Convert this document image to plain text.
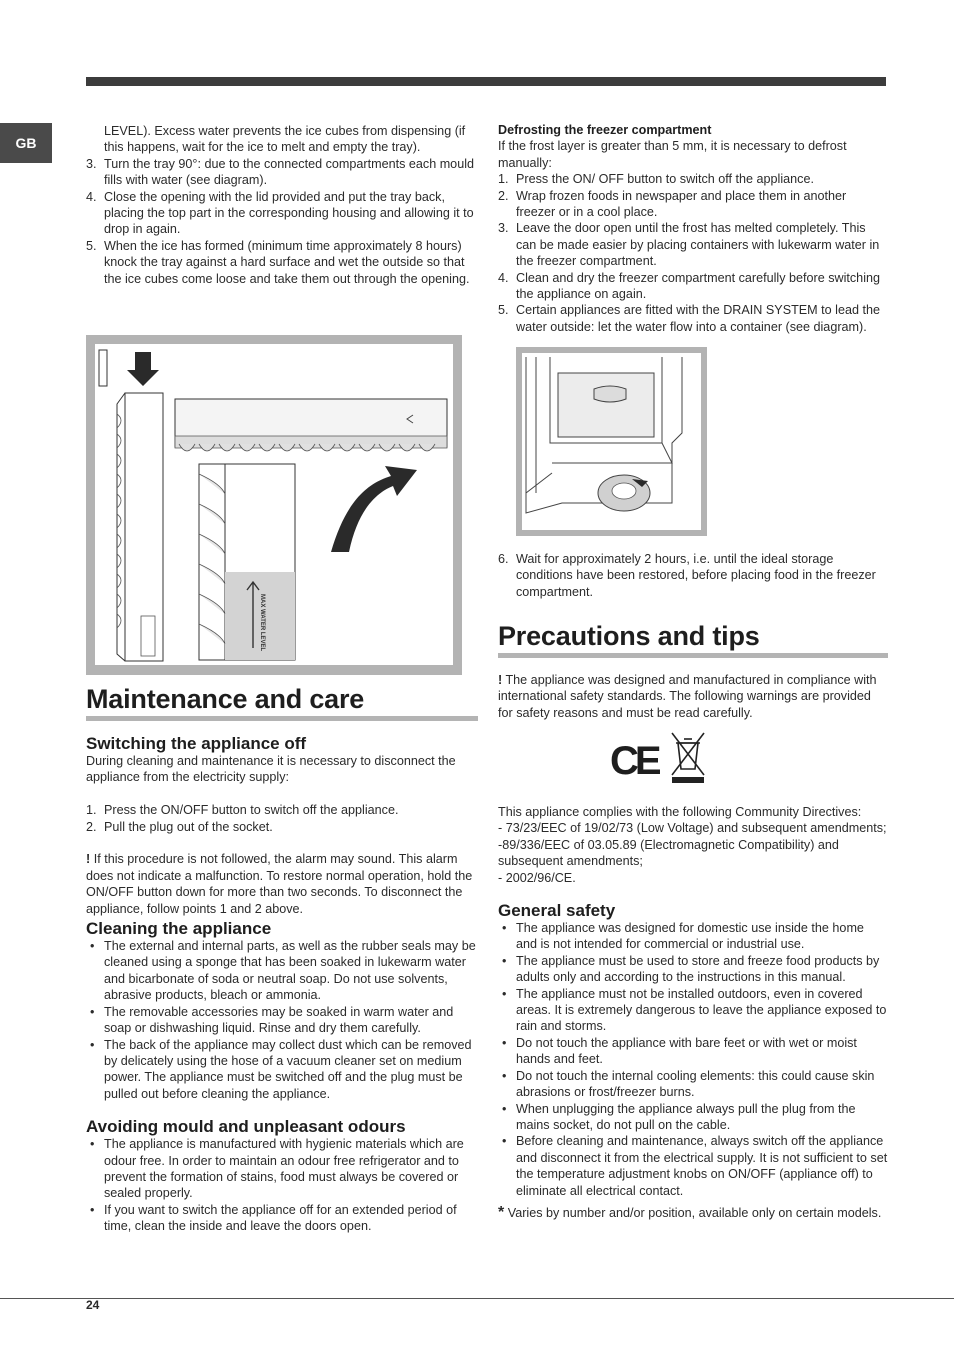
GB

LEVEL). Excess water prevents the ice cubes from dispensing (if this happens, wait for the ice to melt and empty the tray).

3. Turn the tray 90°: due to the connected compartments each mould fills with water (see diagram).
4. Close the opening with the lid provided and put the tray back, placing the top part in the corresponding housing and allowing it to drop in again.
5. When the ice has formed (minimum time approximately 8 hours) knock the tray against a hard surface and wet the outside so that the ice cubes come loose and take them out through the opening.
MAX WATER LEVEL
Maintenance and care
Switching the appliance off

During cleaning and maintenance it is necessary to disconnect the appliance from the electricity supply:

1. Press the ON/OFF button to switch off the appliance.
2. Pull the plug out of the socket.

! If this procedure is not followed, the alarm may sound. This alarm does not indicate a malfunction. To restore normal operation, hold the ON/OFF button down for more than two seconds. To disconnect the appliance, follow points 1 and 2 above.

Cleaning the appliance
• The external and internal parts, as well as the rubber seals may be cleaned using a sponge that has been soaked in lukewarm water and bicarbonate of soda or neutral soap. Do not use solvents, abrasive products, bleach or ammonia.
• The removable accessories may be soaked in warm water and soap or dishwashing liquid. Rinse and dry them carefully.
• The back of the appliance may collect dust which can be removed by delicately using the hose of a vacuum cleaner set on medium power. The appliance must be switched off and the plug must be pulled out before cleaning the appliance.
Avoiding mould and unpleasant odours
• The appliance is manufactured with hygienic materials which are odour free. In order to maintain an odour free refrigerator and to prevent the formation of stains, food must always be covered or sealed properly.
• If you want to switch the appliance off for an extended period of time, clean the inside and leave the doors open.
Defrosting the freezer compartment

If the frost layer is greater than 5 mm, it is necessary to defrost manually:

1. Press the ON/ OFF button to switch off the appliance.
2. Wrap frozen foods in newspaper and place them in another freezer or in a cool place.
3. Leave the door open until the frost has melted completely. This can be made easier by placing containers with lukewarm water in the freezer compartment.
4. Clean and dry the freezer compartment carefully before switching the appliance on again.
5. Certain appliances are fitted with the DRAIN SYSTEM to lead the water outside: let the water flow into a container (see diagram).
6. Wait for approximately 2 hours, i.e. until the ideal storage conditions have been restored, before placing food in the freezer compartment.
Precautions and tips

! The appliance was designed and manufactured in compliance with international safety standards. The following warnings are provided for safety reasons and must be read carefully.

CE

This appliance complies with the following Community Directives:

- 73/23/EEC of 19/02/73 (Low Voltage) and subsequent amendments;

-89/336/EEC of 03.05.89 (Electromagnetic Compatibility) and subsequent amendments;

- 2002/96/CE.

General safety
• The appliance was designed for domestic use inside the home and is not intended for commercial or industrial use.
• The appliance must be used to store and freeze food products by adults only and according to the instructions in this manual.
• The appliance must not be installed outdoors, even in covered areas. It is extremely dangerous to leave the appliance exposed to rain and storms.
• Do not touch the appliance with bare feet or with wet or moist hands and feet.
• Do not touch the internal cooling elements: this could cause skin abrasions or frost/freezer burns.
• When unplugging the appliance always pull the plug from the mains socket, do not pull on the cable.
• Before cleaning and maintenance, always switch off the appliance and disconnect it from the electrical supply. It is not sufficient to set the temperature adjustment knobs on ON/OFF (appliance off) to eliminate all electrical contact.

* Varies by number and/or position, available only on certain models.

24
